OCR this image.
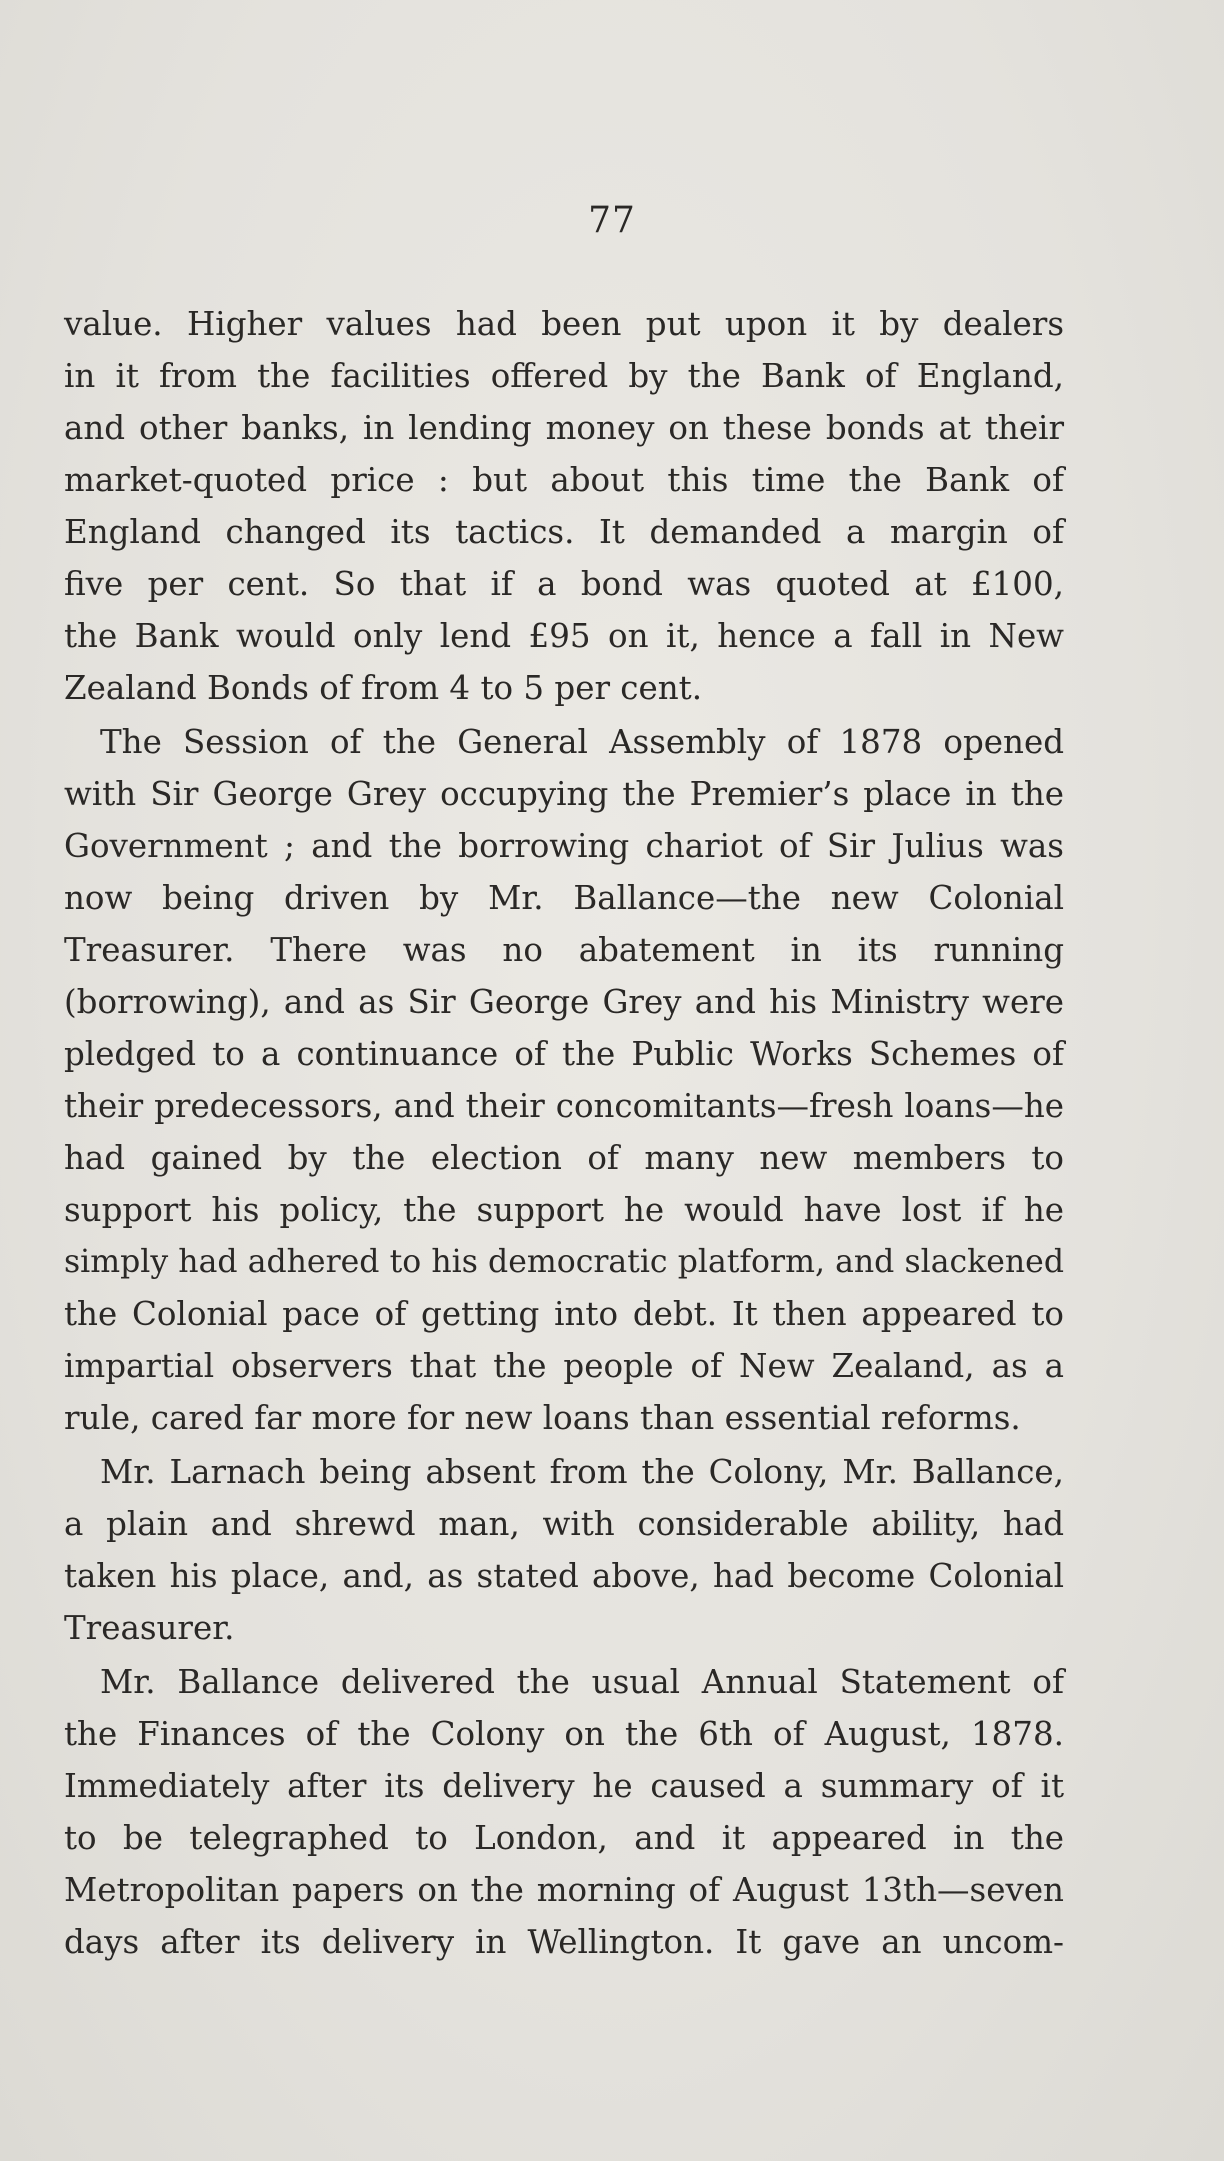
77
value. Higher values had been put upon it by dealers
in it from the facilities offered by the Bank of England,
and other banks, in lending money on these bonds at their
market-quoted price : but about this time the Bank of
England changed its tactics. It demanded a margin of
five per cent. So that if a bond was quoted at £100,
the Bank would only lend £95 on it, hence a fall in New
Zealand Bonds of from 4 to 5 per cent.
The Session of the General Assembly of 1878 opened
with Sir George Grey occupying the Premier’s place in the
Government ; and the borrowing chariot of Sir Julius was
now being driven by Mr. Ballance—the new Colonial
Treasurer. There was no abatement in its running
(borrowing), and as Sir George Grey and his Ministry were
pledged to a continuance of the Public Works Schemes of
their predecessors, and their concomitants—fresh loans—he
had gained by the election of many new members to
support his policy, the support he would have lost if he
simply had adhered to his democratic platform, and slackened
the Colonial pace of getting into debt. It then appeared to
impartial observers that the people of New Zealand, as a
rule, cared far more for new loans than essential reforms.
Mr. Larnach being absent from the Colony, Mr. Ballance,
a plain and shrewd man, with considerable ability, had
taken his place, and, as stated above, had become Colonial
Treasurer.
Mr. Ballance delivered the usual Annual Statement of
the Finances of the Colony on the 6th of August, 1878.
Immediately after its delivery he caused a summary of it
to be telegraphed to London, and it appeared in the
Metropolitan papers on the morning of August 13th—seven
days after its delivery in Wellington. It gave an uncom-
